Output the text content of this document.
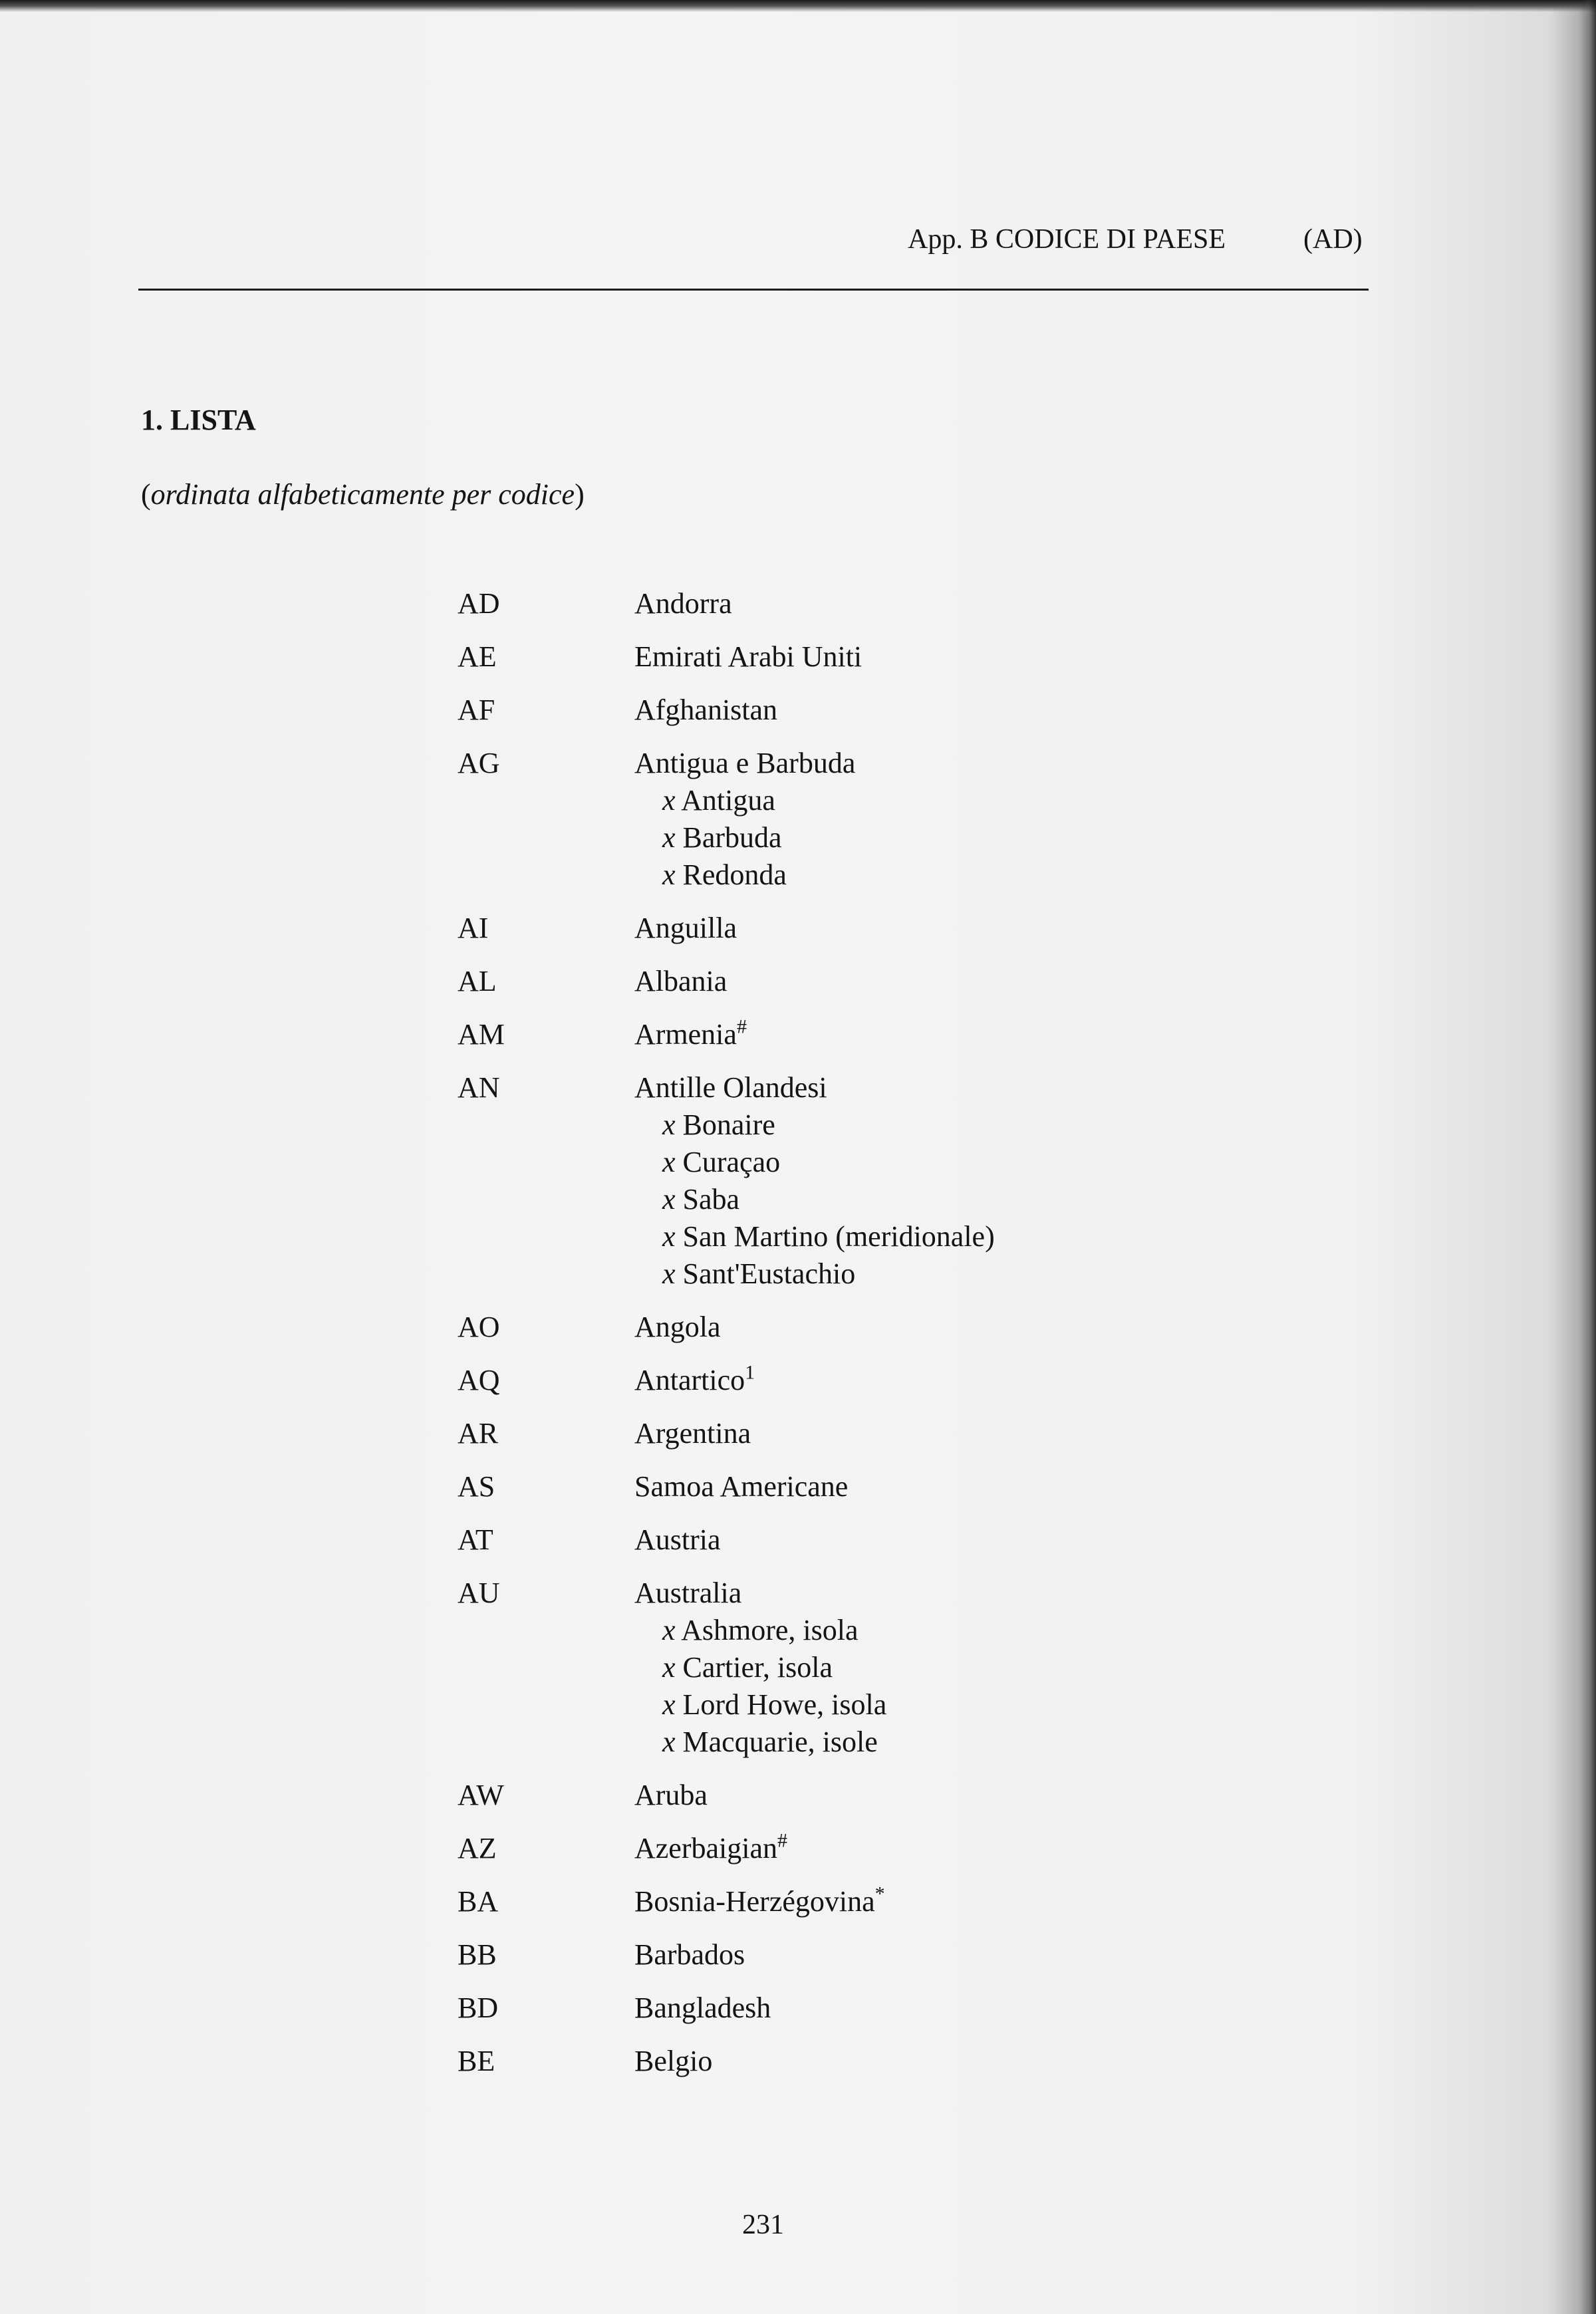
App. B CODICE DI PAESE	(AD)
1. LISTA
(ordinata alfabeticamente per codice)
AD	Andorra
AE	Emirati Arabi Uniti
AF	Afghanistan
AG	Antigua e Barbuda
x Antigua
x Barbuda
x Redonda
AI	Anguilla
AL	Albania
AM	Armenia#
AN	Antille Olandesi
x Bonaire
x Curaçao
x Saba
x San Martino (meridionale)
x Sant'Eustachio
AO	Angola
AQ	Antartico$^1$
AR	Argentina
AS	Samoa Americane
AT	Austria
AU	Australia
x Ashmore, isola
x Cartier, isola
x Lord Howe, isola
x Macquarie, isole
AW	Aruba
AZ	Azerbaigian#
BA	Bosnia-Herzégovina*
BB	Barbados
BD	Bangladesh
BE	Belgio
231
